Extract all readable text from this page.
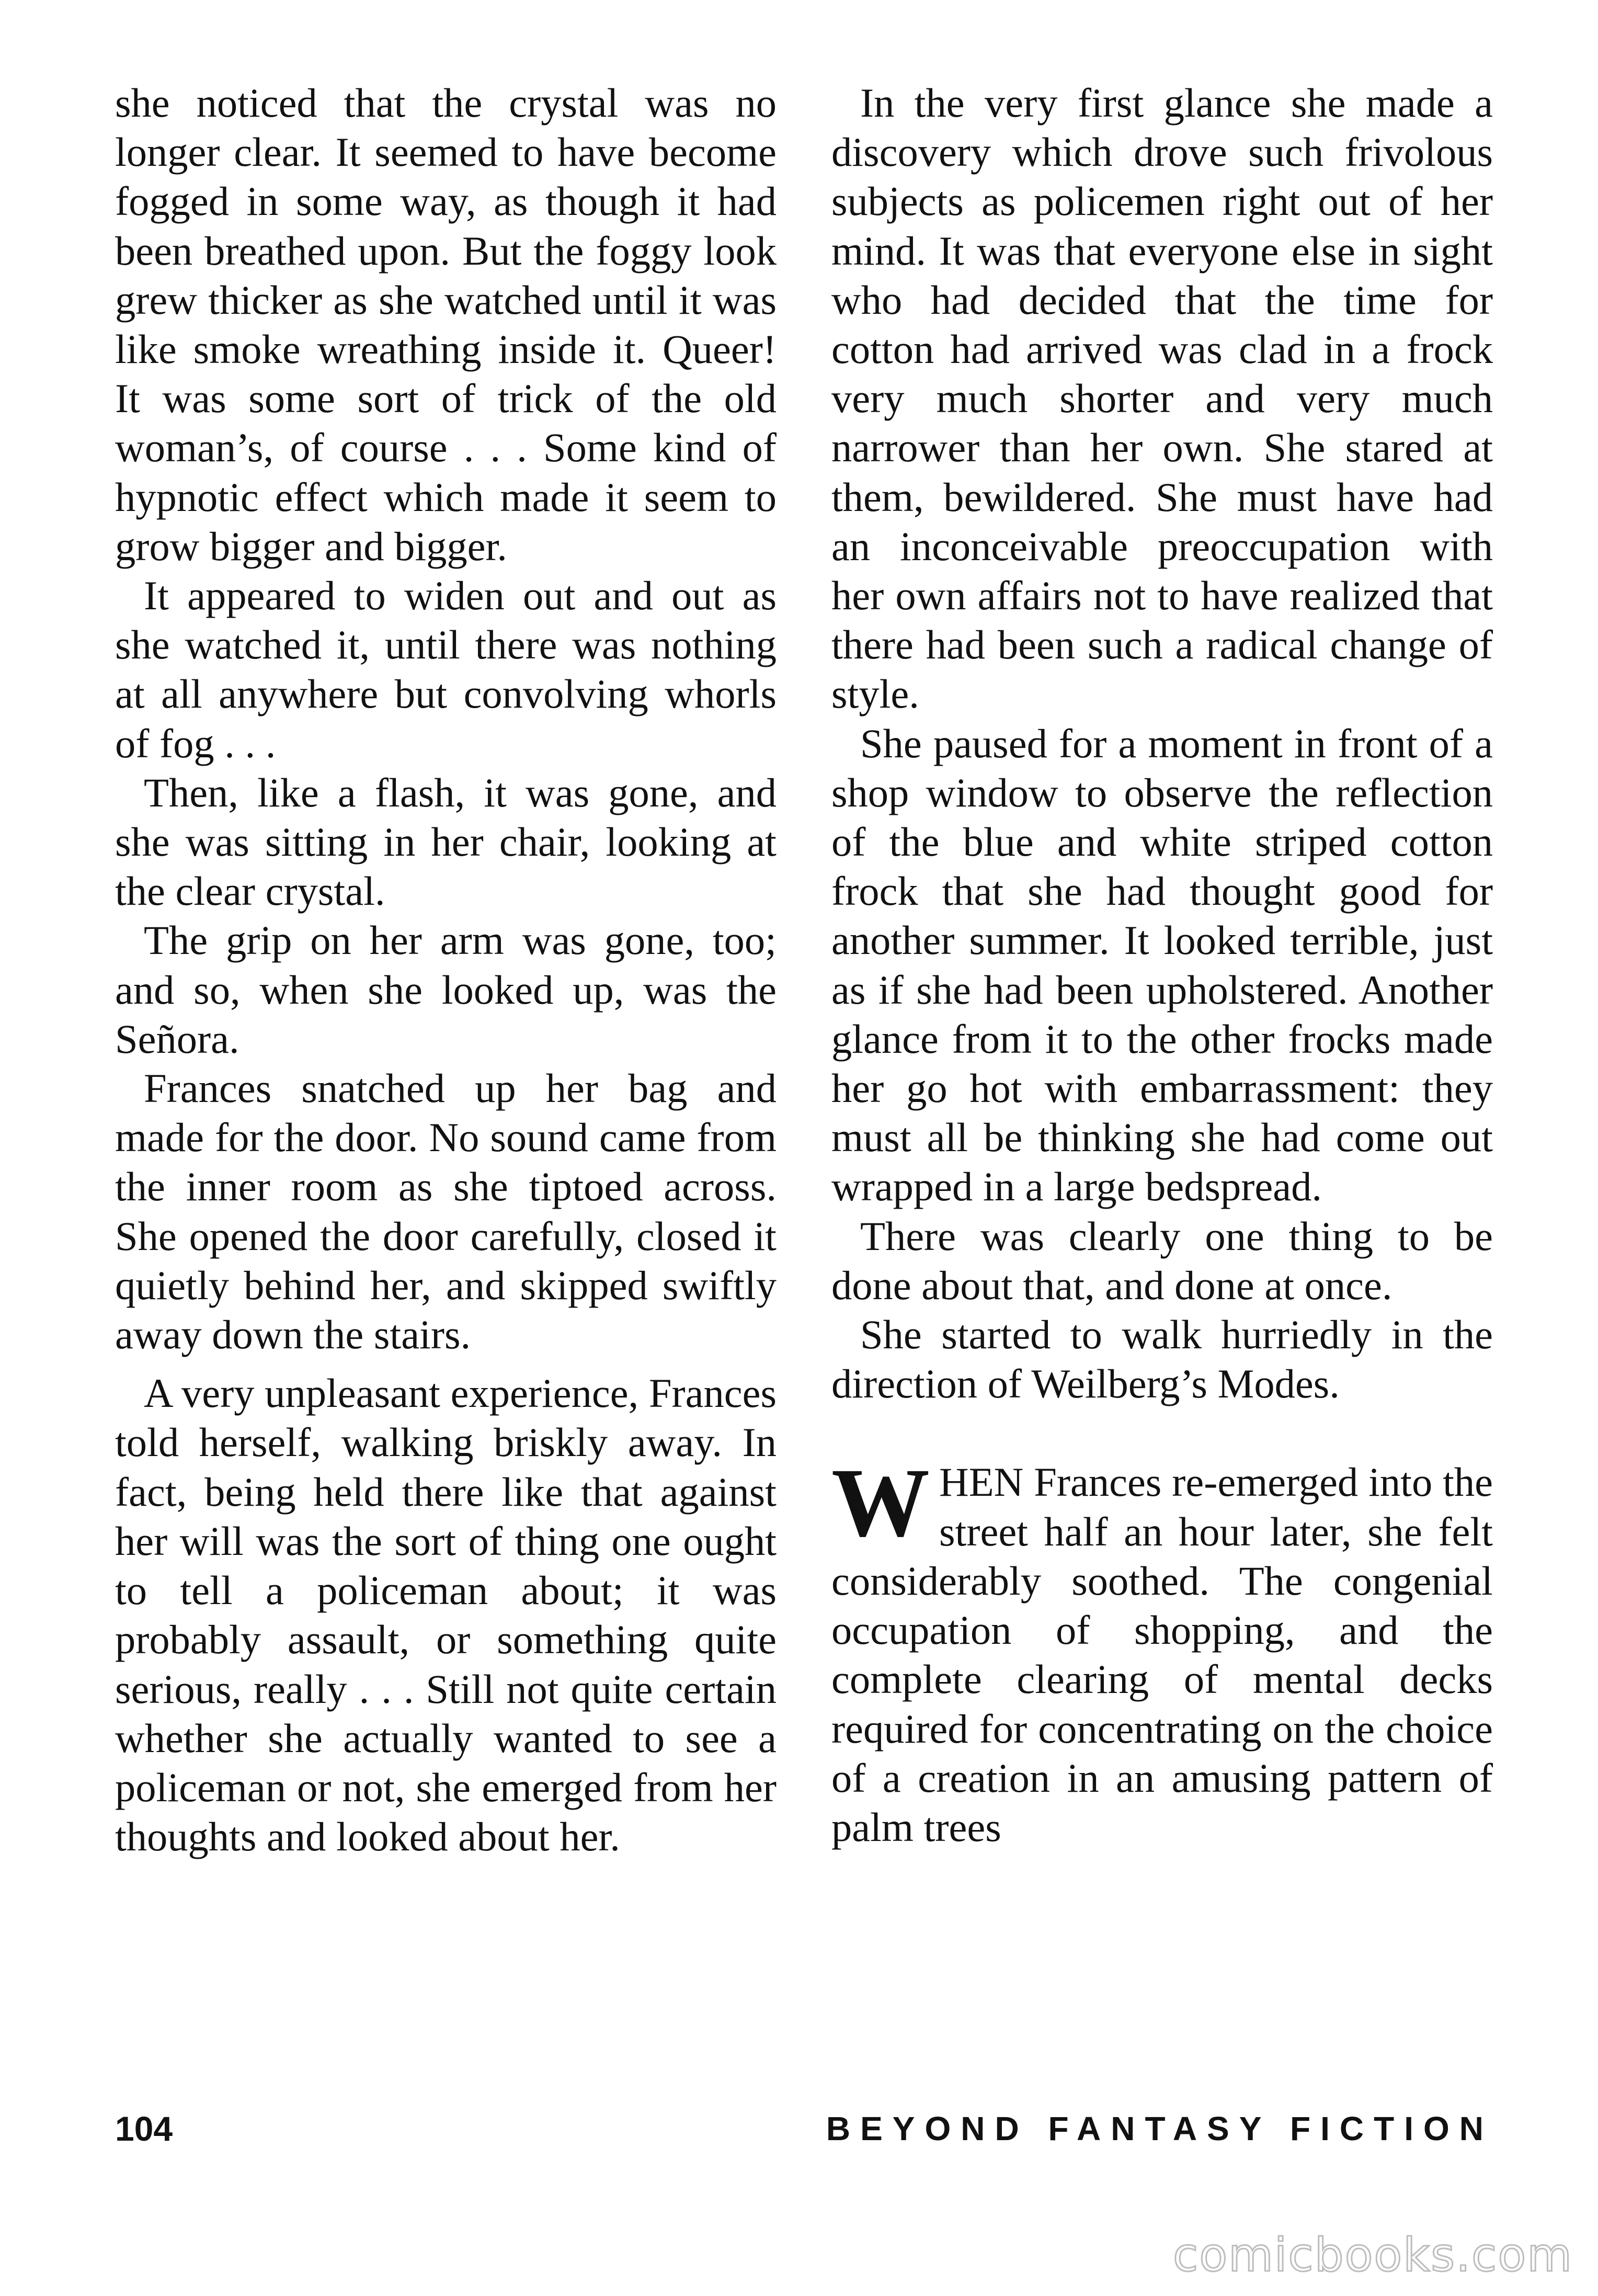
she noticed that the crystal was no longer clear. It seemed to have become fogged in some way, as though it had been breathed upon. But the foggy look grew thicker as she watched until it was like smoke wreathing inside it. Queer! It was some sort of trick of the old woman’s, of course . . . Some kind of hypnotic effect which made it seem to grow bigger and bigger.

It appeared to widen out and out as she watched it, until there was nothing at all anywhere but convolving whorls of fog . . .

Then, like a flash, it was gone, and she was sitting in her chair, looking at the clear crystal.

The grip on her arm was gone, too; and so, when she looked up, was the Señora.

Frances snatched up her bag and made for the door. No sound came from the inner room as she tiptoed across. She opened the door carefully, closed it quietly behind her, and skipped swiftly away down the stairs.

A very unpleasant experience, Frances told herself, walking briskly away. In fact, being held there like that against her will was the sort of thing one ought to tell a policeman about; it was probably assault, or something quite serious, really . . . Still not quite certain whether she actually wanted to see a policeman or not, she emerged from her thoughts and looked about her.

In the very first glance she made a discovery which drove such frivolous subjects as policemen right out of her mind. It was that everyone else in sight who had decided that the time for cotton had arrived was clad in a frock very much shorter and very much narrower than her own. She stared at them, bewildered. She must have had an inconceivable preoccupation with her own affairs not to have realized that there had been such a radical change of style.

She paused for a moment in front of a shop window to observe the reflection of the blue and white striped cotton frock that she had thought good for another summer. It looked terrible, just as if she had been upholstered. Another glance from it to the other frocks made her go hot with embarrassment: they must all be thinking she had come out wrapped in a large bedspread.

There was clearly one thing to be done about that, and done at once.

She started to walk hurriedly in the direction of Weilberg’s Modes.

WHEN Frances re-emerged into the street half an hour later, she felt considerably soothed. The congenial occupation of shopping, and the complete clearing of mental decks required for concentrating on the choice of a creation in an amusing pattern of palm trees

104	BEYOND FANTASY FICTION
comicbooks.com
